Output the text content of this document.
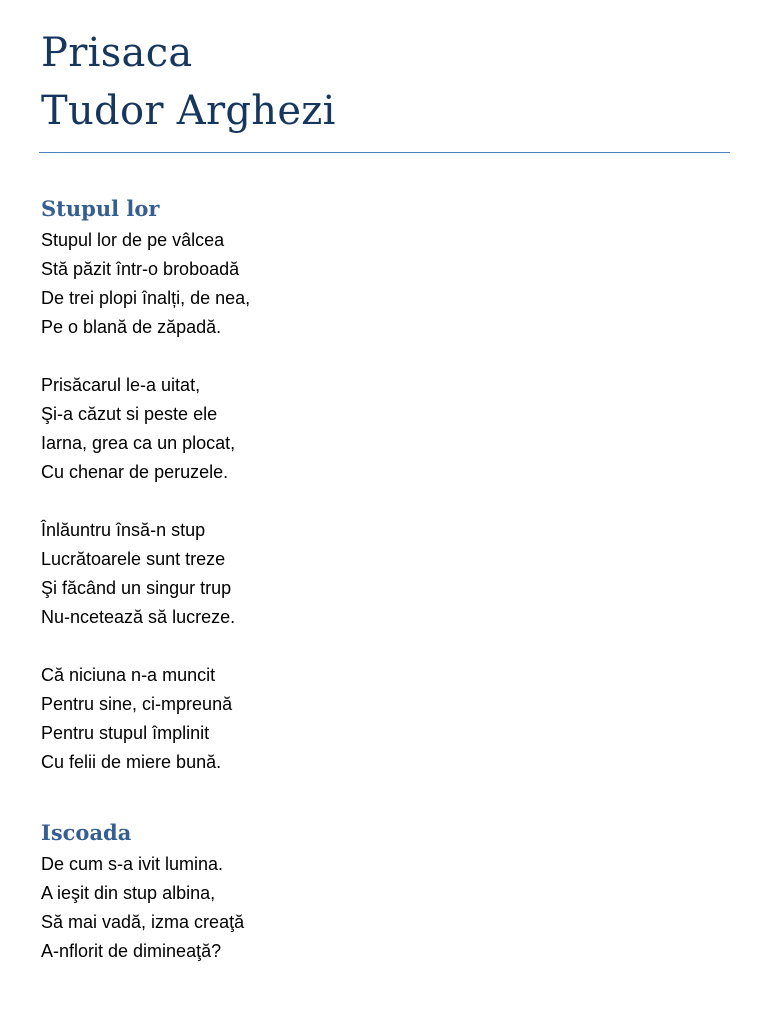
Prisaca
Tudor Arghezi
Stupul lor

Stupul lor de pe vâlcea
Stă păzit într-o broboadă
De trei plopi înalți, de nea,
Pe o blană de zăpadă.

Prisăcarul le-a uitat,
Şi-a căzut si peste ele
Iarna, grea ca un plocat,
Cu chenar de peruzele.

Înlăuntru însă-n stup
Lucrătoarele sunt treze
Şi făcând un singur trup
Nu-ncetează să lucreze.

Că niciuna n-a muncit
Pentru sine, ci-mpreună
Pentru stupul împlinit
Cu felii de miere bună.

Iscoada

De cum s-a ivit lumina.
A ieşit din stup albina,
Să mai vadă, izma creaţă
A-nflorit de dimineaţă?
